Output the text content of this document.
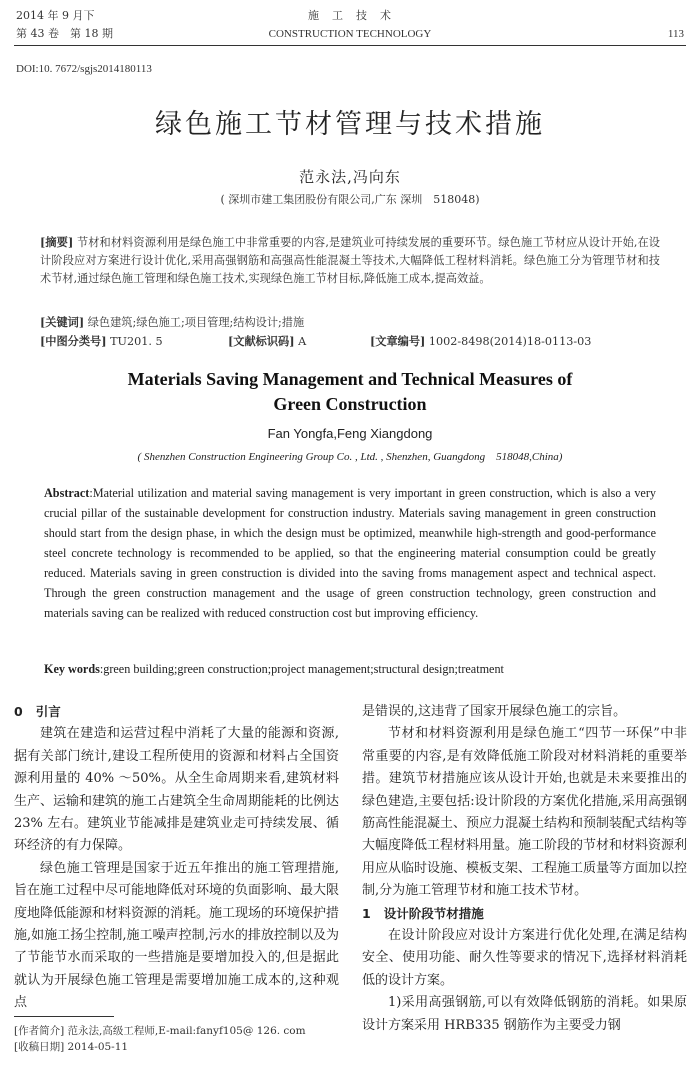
2014 年 9 月下
第 43 卷　第 18 期
施　工　技　术
CONSTRUCTION TECHNOLOGY	113
DOI:10. 7672/sgjs2014180113
绿色施工节材管理与技术措施
范永法,冯向东
( 深圳市建工集团股份有限公司,广东 深圳　518048)
[摘要] 节材和材料资源利用是绿色施工中非常重要的内容,是建筑业可持续发展的重要环节。绿色施工节材应从设计开始,在设计阶段应对方案进行设计优化,采用高强钢筋和高强高性能混凝土等技术,大幅降低工程材料消耗。绿色施工分为管理节材和技术节材,通过绿色施工管理和绿色施工技术,实现绿色施工节材目标,降低施工成本,提高效益。
[关键词] 绿色建筑;绿色施工;项目管理;结构设计;措施
[中图分类号] TU201. 5	[文献标识码] A	[文章编号] 1002-8498(2014)18-0113-03
Materials Saving Management and Technical Measures of
Green Construction
Fan Yongfa,Feng Xiangdong
( Shenzhen Construction Engineering Group Co. , Ltd. , Shenzhen, Guangdong　518048,China)
Abstract:Material utilization and material saving management is very important in green construction, which is also a very crucial pillar of the sustainable development for construction industry. Materials saving management in green construction should start from the design phase, in which the design must be optimized, meanwhile high-strength and good-performance steel concrete technology is recommended to be applied, so that the engineering material consumption could be greatly reduced. Materials saving in green construction is divided into the saving froms management aspect and technical aspect. Through the green construction management and the usage of green construction technology, green construction and materials saving can be realized with reduced construction cost but improving efficiency.
Key words:green building;green construction;project management;structural design;treatment
0 引言

建筑在建造和运营过程中消耗了大量的能源和资源,据有关部门统计,建设工程所使用的资源和材料占全国资源利用量的 40% ～50%。从全生命周期来看,建筑材料生产、运输和建筑的施工占建筑全生命周期能耗的比例达 23% 左右。建筑业节能减排是建筑业走可持续发展、循环经济的有力保障。

绿色施工管理是国家于近五年推出的施工管理措施,旨在施工过程中尽可能地降低对环境的负面影响、最大限度地降低能源和材料资源的消耗。施工现场的环境保护措施,如施工扬尘控制,施工噪声控制,污水的排放控制以及为了节能节水而采取的一些措施是要增加投入的,但是据此就认为开展绿色施工管理是需要增加施工成本的,这种观点

[作者简介] 范永法,高级工程师,E-mail:fanyf105@ 126. com
[收稿日期] 2014-05-11

是错误的,这违背了国家开展绿色施工的宗旨。

节材和材料资源利用是绿色施工“四节一环保”中非常重要的内容,是有效降低施工阶段对材料消耗的重要举措。建筑节材措施应该从设计开始,也就是未来要推出的绿色建造,主要包括:设计阶段的方案优化措施,采用高强钢筋高性能混凝土、预应力混凝土结构和预制装配式结构等大幅度降低工程材料用量。施工阶段的节材和材料资源利用应从临时设施、模板支架、工程施工质量等方面加以控制,分为施工管理节材和施工技术节材。

1 设计阶段节材措施

在设计阶段应对设计方案进行优化处理,在满足结构安全、使用功能、耐久性等要求的情况下,选择材料消耗低的设计方案。

1)采用高强钢筋,可以有效降低钢筋的消耗。如果原设计方案采用 HRB335 钢筋作为主要受力钢
